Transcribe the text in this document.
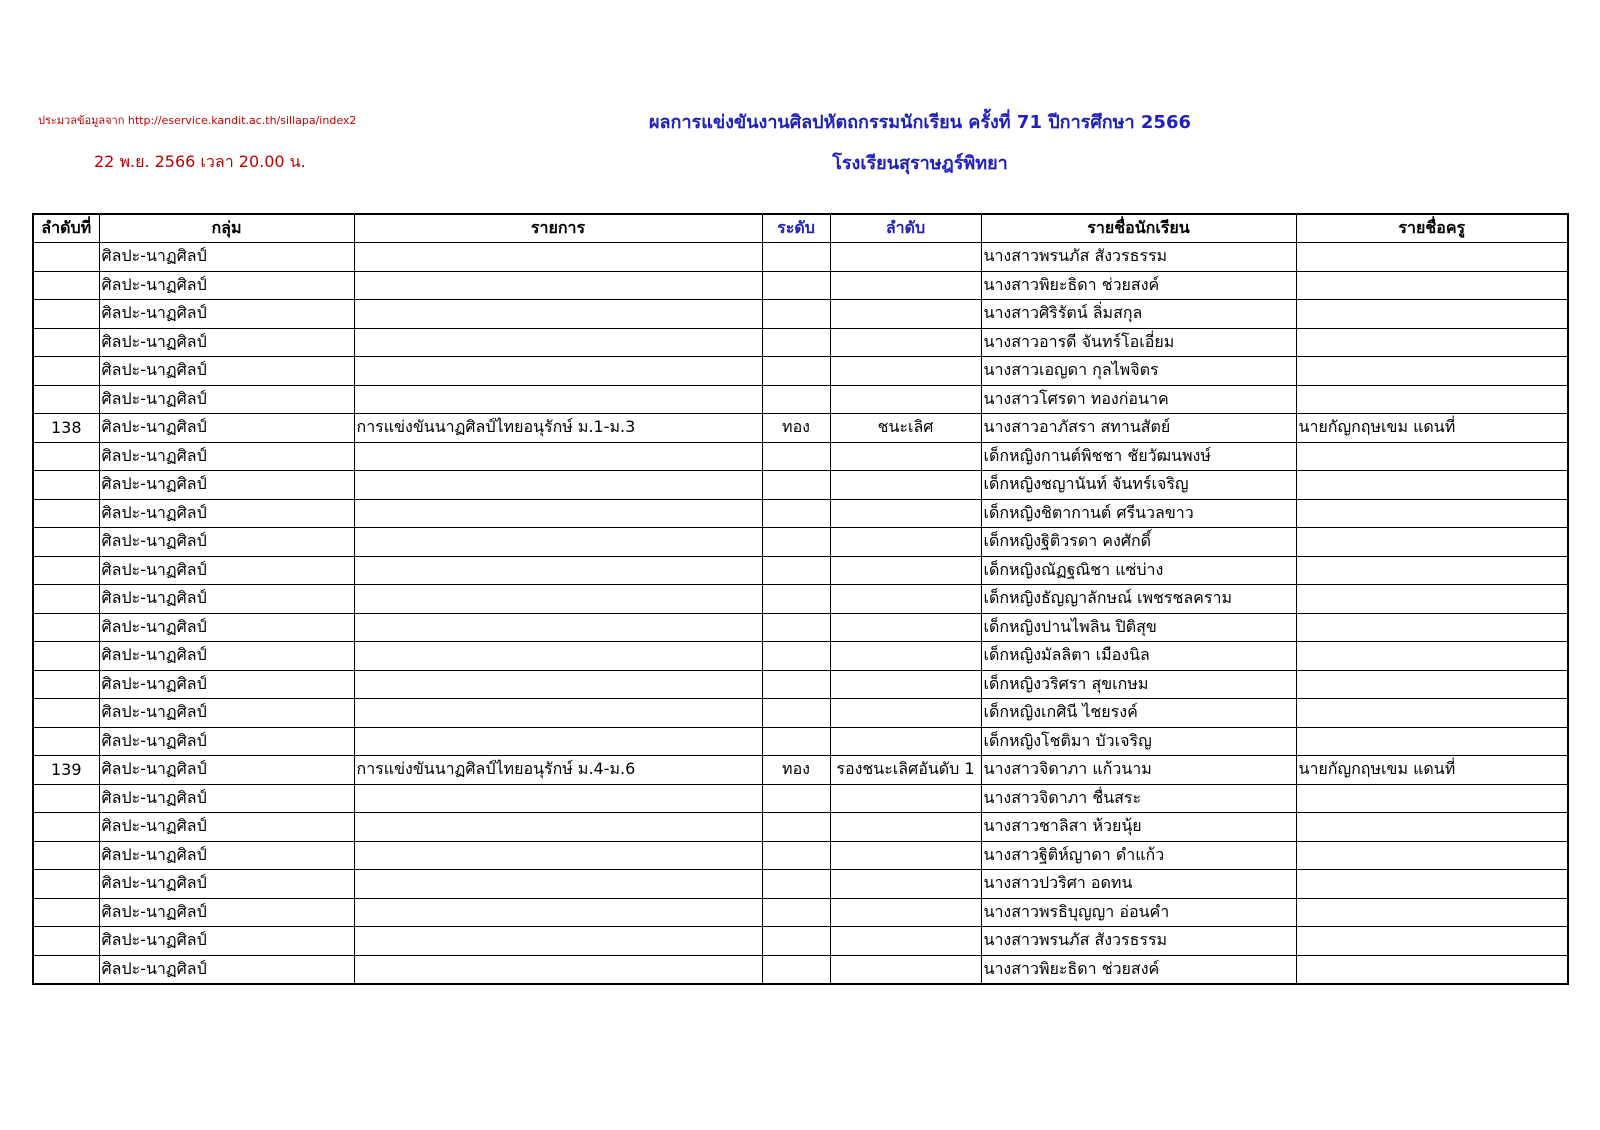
ประมวลข้อมูลจาก http://eservice.kandit.ac.th/sillapa/index2
22 พ.ย. 2566 เวลา 20.00 น.
ผลการแข่งขันงานศิลปหัตถกรรมนักเรียน ครั้งที่ 71 ปีการศึกษา 2566
โรงเรียนสุราษฎร์พิทยา
ลำดับที่	กลุ่ม	รายการ	ระดับ	ลำดับ	รายชื่อนักเรียน	รายชื่อครู
	ศิลปะ-นาฏศิลป์				นางสาวพรนภัส สังวรธรรม	
	ศิลปะ-นาฏศิลป์				นางสาวพิยะธิดา ช่วยสงค์	
	ศิลปะ-นาฏศิลป์				นางสาวศิริรัตน์ ลิ่มสกุล	
	ศิลปะ-นาฏศิลป์				นางสาวอารดี จันทร์โอเอี่ยม	
	ศิลปะ-นาฏศิลป์				นางสาวเอญดา กุลไพจิตร	
	ศิลปะ-นาฏศิลป์				นางสาวโศรดา ทองก่อนาค	
138	ศิลปะ-นาฏศิลป์	การแข่งขันนาฏศิลป์ไทยอนุรักษ์ ม.1-ม.3	ทอง	ชนะเลิศ	นางสาวอาภัสรา สทานสัตย์	นายกัญกฤษเขม แดนที่
	ศิลปะ-นาฏศิลป์				เด็กหญิงกานต์พิชชา ชัยวัฒนพงษ์	
	ศิลปะ-นาฏศิลป์				เด็กหญิงชญานันท์ จันทร์เจริญ	
	ศิลปะ-นาฏศิลป์				เด็กหญิงชิตากานต์ ศรีนวลขาว	
	ศิลปะ-นาฏศิลป์				เด็กหญิงฐิติวรดา คงศักดิ์	
	ศิลปะ-นาฏศิลป์				เด็กหญิงณัฏฐณิชา แซ่บ่าง	
	ศิลปะ-นาฏศิลป์				เด็กหญิงธัญญาลักษณ์ เพชรชลคราม	
	ศิลปะ-นาฏศิลป์				เด็กหญิงปานไพลิน ปิติสุข	
	ศิลปะ-นาฏศิลป์				เด็กหญิงมัลลิตา เมืองนิล	
	ศิลปะ-นาฏศิลป์				เด็กหญิงวริศรา สุขเกษม	
	ศิลปะ-นาฏศิลป์				เด็กหญิงเกศินี ไชยรงค์	
	ศิลปะ-นาฏศิลป์				เด็กหญิงโชติมา บัวเจริญ	
139	ศิลปะ-นาฏศิลป์	การแข่งขันนาฏศิลป์ไทยอนุรักษ์ ม.4-ม.6	ทอง	รองชนะเลิศอันดับ 1	นางสาวจิดาภา แก้วนาม	นายกัญกฤษเขม แดนที่
	ศิลปะ-นาฏศิลป์				นางสาวจิดาภา ชื่นสระ	
	ศิลปะ-นาฏศิลป์				นางสาวชาลิสา ห้วยนุ้ย	
	ศิลปะ-นาฏศิลป์				นางสาวฐิติห์ญาดา ดำแก้ว	
	ศิลปะ-นาฏศิลป์				นางสาวปวริศา อดทน	
	ศิลปะ-นาฏศิลป์				นางสาวพรธิบุญญา อ่อนคำ	
	ศิลปะ-นาฏศิลป์				นางสาวพรนภัส สังวรธรรม	
	ศิลปะ-นาฏศิลป์				นางสาวพิยะธิดา ช่วยสงค์	
